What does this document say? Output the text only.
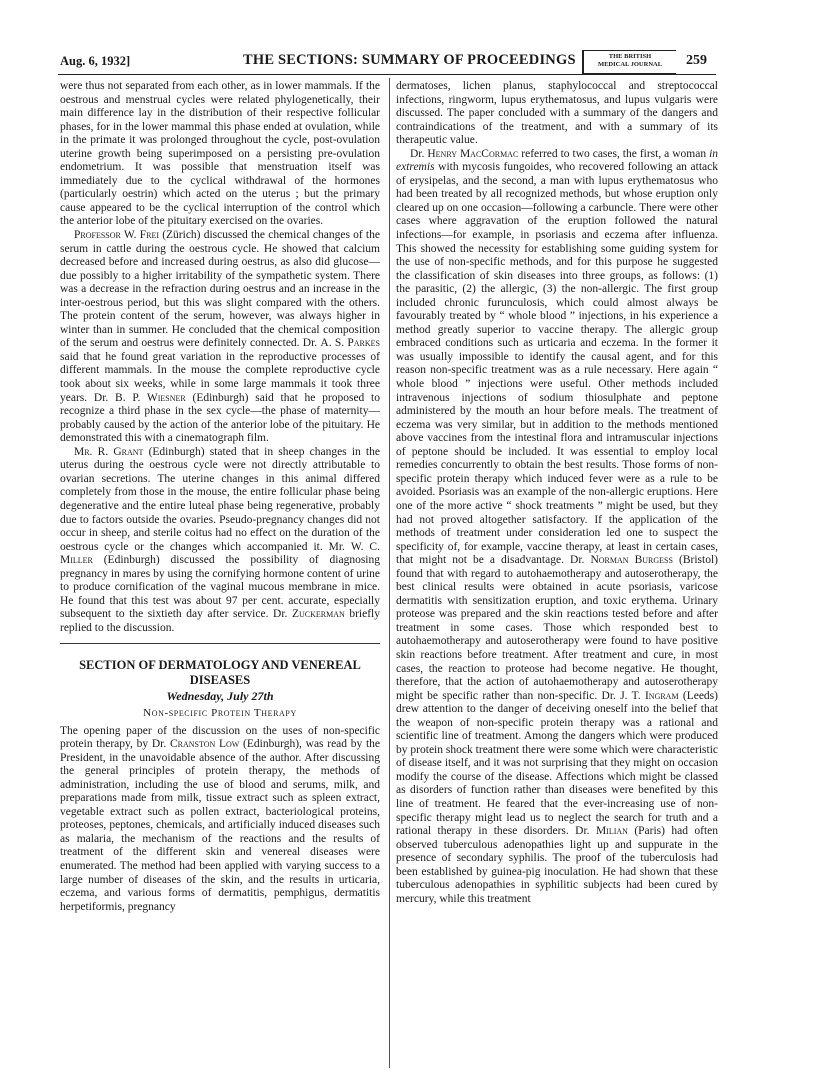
Aug. 6, 1932]	THE SECTIONS: SUMMARY OF PROCEEDINGS	THE BRITISH
MEDICAL JOURNAL	259

were thus not separated from each other, as in lower mammals. If the oestrous and menstrual cycles were related phylogenetically, their main difference lay in the distribution of their respective follicular phases, for in the lower mammal this phase ended at ovulation, while in the primate it was prolonged throughout the cycle, post-ovulation uterine growth being superimposed on a persisting pre-ovulation endometrium. It was possible that menstruation itself was immediately due to the cyclical withdrawal of the hormones (particularly oestrin) which acted on the uterus ; but the primary cause appeared to be the cyclical interruption of the control which the anterior lobe of the pituitary exercised on the ovaries.

Professor W. Frei (Zürich) discussed the chemical changes of the serum in cattle during the oestrous cycle. He showed that calcium decreased before and increased during oestrus, as also did glucose—due possibly to a higher irritability of the sympathetic system. There was a decrease in the refraction during oestrus and an increase in the inter-oestrous period, but this was slight compared with the others. The protein content of the serum, however, was always higher in winter than in summer. He concluded that the chemical composition of the serum and oestrus were definitely connected. Dr. A. S. Parkes said that he found great variation in the reproductive processes of different mammals. In the mouse the complete reproductive cycle took about six weeks, while in some large mammals it took three years. Dr. B. P. Wiesner (Edinburgh) said that he proposed to recognize a third phase in the sex cycle—the phase of maternity—probably caused by the action of the anterior lobe of the pituitary. He demonstrated this with a cinematograph film.

Mr. R. Grant (Edinburgh) stated that in sheep changes in the uterus during the oestrous cycle were not directly attributable to ovarian secretions. The uterine changes in this animal differed completely from those in the mouse, the entire follicular phase being degenerative and the entire luteal phase being regenerative, probably due to factors outside the ovaries. Pseudo-pregnancy changes did not occur in sheep, and sterile coitus had no effect on the duration of the oestrous cycle or the changes which accompanied it. Mr. W. C. Miller (Edinburgh) discussed the possibility of diagnosing pregnancy in mares by using the cornifying hormone content of urine to produce cornification of the vaginal mucous membrane in mice. He found that this test was about 97 per cent. accurate, especially subsequent to the sixtieth day after service. Dr. Zuckerman briefly replied to the discussion.

SECTION OF DERMATOLOGY AND VENEREAL DISEASES
Wednesday, July 27th
Non-specific Protein Therapy

The opening paper of the discussion on the uses of non-specific protein therapy, by Dr. Cranston Low (Edinburgh), was read by the President, in the unavoidable absence of the author. After discussing the general principles of protein therapy, the methods of administration, including the use of blood and serums, milk, and preparations made from milk, tissue extract such as spleen extract, vegetable extract such as pollen extract, bacteriological proteins, proteoses, peptones, chemicals, and artificially induced diseases such as malaria, the mechanism of the reactions and the results of treatment of the different skin and venereal diseases were enumerated. The method had been applied with varying success to a large number of diseases of the skin, and the results in urticaria, eczema, and various forms of dermatitis, pemphigus, dermatitis herpetiformis, pregnancy

dermatoses, lichen planus, staphylococcal and streptococcal infections, ringworm, lupus erythematosus, and lupus vulgaris were discussed. The paper concluded with a summary of the dangers and contraindications of the treatment, and with a summary of its therapeutic value.

Dr. Henry MacCormac referred to two cases, the first, a woman in extremis with mycosis fungoides, who recovered following an attack of erysipelas, and the second, a man with lupus erythematosus who had been treated by all recognized methods, but whose eruption only cleared up on one occasion—following a carbuncle. There were other cases where aggravation of the eruption followed the natural infections—for example, in psoriasis and eczema after influenza. This showed the necessity for establishing some guiding system for the use of non-specific methods, and for this purpose he suggested the classification of skin diseases into three groups, as follows: (1) the parasitic, (2) the allergic, (3) the non-allergic. The first group included chronic furunculosis, which could almost always be favourably treated by “ whole blood ” injections, in his experience a method greatly superior to vaccine therapy. The allergic group embraced conditions such as urticaria and eczema. In the former it was usually impossible to identify the causal agent, and for this reason non-specific treatment was as a rule necessary. Here again “ whole blood ” injections were useful. Other methods included intravenous injections of sodium thiosulphate and peptone administered by the mouth an hour before meals. The treatment of eczema was very similar, but in addition to the methods mentioned above vaccines from the intestinal flora and intramuscular injections of peptone should be included. It was essential to employ local remedies concurrently to obtain the best results. Those forms of non-specific protein therapy which induced fever were as a rule to be avoided. Psoriasis was an example of the non-allergic eruptions. Here one of the more active “ shock treatments ” might be used, but they had not proved altogether satisfactory. If the application of the methods of treatment under consideration led one to suspect the specificity of, for example, vaccine therapy, at least in certain cases, that might not be a disadvantage. Dr. Norman Burgess (Bristol) found that with regard to autohaemotherapy and autoserotherapy, the best clinical results were obtained in acute psoriasis, varicose dermatitis with sensitization eruption, and toxic erythema. Urinary proteose was prepared and the skin reactions tested before and after treatment in some cases. Those which responded best to autohaemotherapy and autoserotherapy were found to have positive skin reactions before treatment. After treatment and cure, in most cases, the reaction to proteose had become negative. He thought, therefore, that the action of autohaemotherapy and autoserotherapy might be specific rather than non-specific. Dr. J. T. Ingram (Leeds) drew attention to the danger of deceiving oneself into the belief that the weapon of non-specific protein therapy was a rational and scientific line of treatment. Among the dangers which were produced by protein shock treatment there were some which were characteristic of disease itself, and it was not surprising that they might on occasion modify the course of the disease. Affections which might be classed as disorders of function rather than diseases were benefited by this line of treatment. He feared that the ever-increasing use of non-specific therapy might lead us to neglect the search for truth and a rational therapy in these disorders. Dr. Milian (Paris) had often observed tuberculous adenopathies light up and suppurate in the presence of secondary syphilis. The proof of the tuberculosis had been established by guinea-pig inoculation. He had shown that these tuberculous adenopathies in syphilitic subjects had been cured by mercury, while this treatment
